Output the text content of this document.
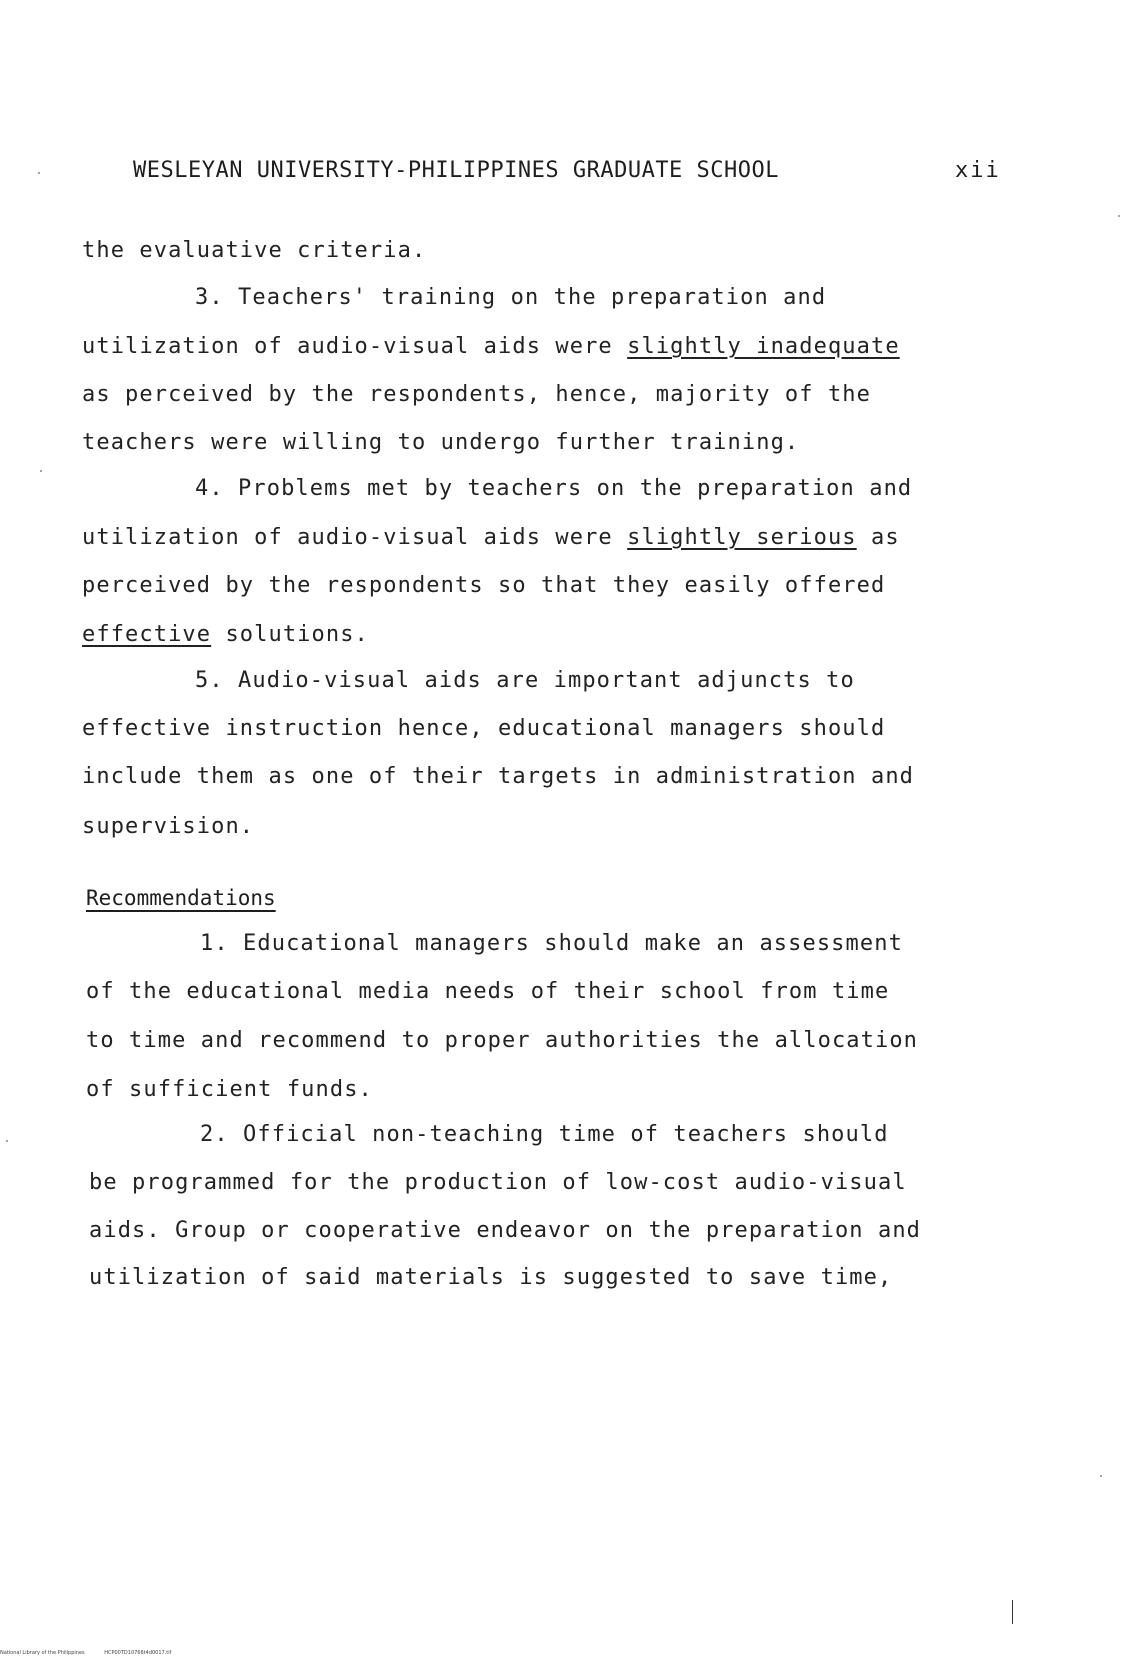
WESLEYAN UNIVERSITY-PHILIPPINES GRADUATE SCHOOL	xii
the evaluative criteria.
3. Teachers' training on the preparation and
utilization of audio-visual aids were slightly inadequate
as perceived by the respondents, hence, majority of the
teachers were willing to undergo further training.
4. Problems met by teachers on the preparation and
utilization of audio-visual aids were slightly serious as
perceived by the respondents so that they easily offered
effective solutions.
5. Audio-visual aids are important adjuncts to
effective instruction hence, educational managers should
include them as one of their targets in administration and
supervision.
Recommendations
1. Educational managers should make an assessment
of the educational media needs of their school from time
to time and recommend to proper authorities the allocation
of sufficient funds.
2. Official non-teaching time of teachers should
be programmed for the production of low-cost audio-visual
aids. Group or cooperative endeavor on the preparation and
utilization of said materials is suggested to save time,
National Library of the Philippines	HCP00TD10766t4d0017.tif
